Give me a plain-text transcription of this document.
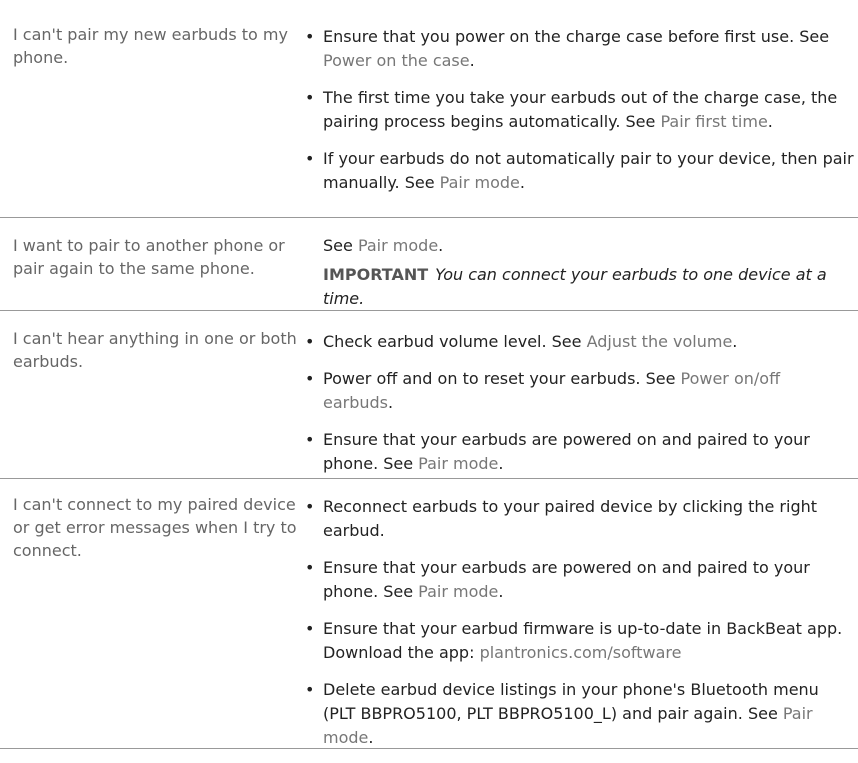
I can't pair my new earbuds to my phone.
• Ensure that you power on the charge case before first use. See Power on the case.
• The first time you take your earbuds out of the charge case, the pairing process begins automatically. See Pair first time.
• If your earbuds do not automatically pair to your device, then pair manually. See Pair mode.
I want to pair to another phone or pair again to the same phone.
See Pair mode.
IMPORTANT You can connect your earbuds to one device at a time.
I can't hear anything in one or both earbuds.
• Check earbud volume level. See Adjust the volume.
• Power off and on to reset your earbuds. See Power on/off earbuds.
• Ensure that your earbuds are powered on and paired to your phone. See Pair mode.
I can't connect to my paired device or get error messages when I try to connect.
• Reconnect earbuds to your paired device by clicking the right earbud.
• Ensure that your earbuds are powered on and paired to your phone. See Pair mode.
• Ensure that your earbud firmware is up-to-date in BackBeat app. Download the app: plantronics.com/software
• Delete earbud device listings in your phone's Bluetooth menu (PLT BBPRO5100, PLT BBPRO5100_L) and pair again. See Pair mode.
